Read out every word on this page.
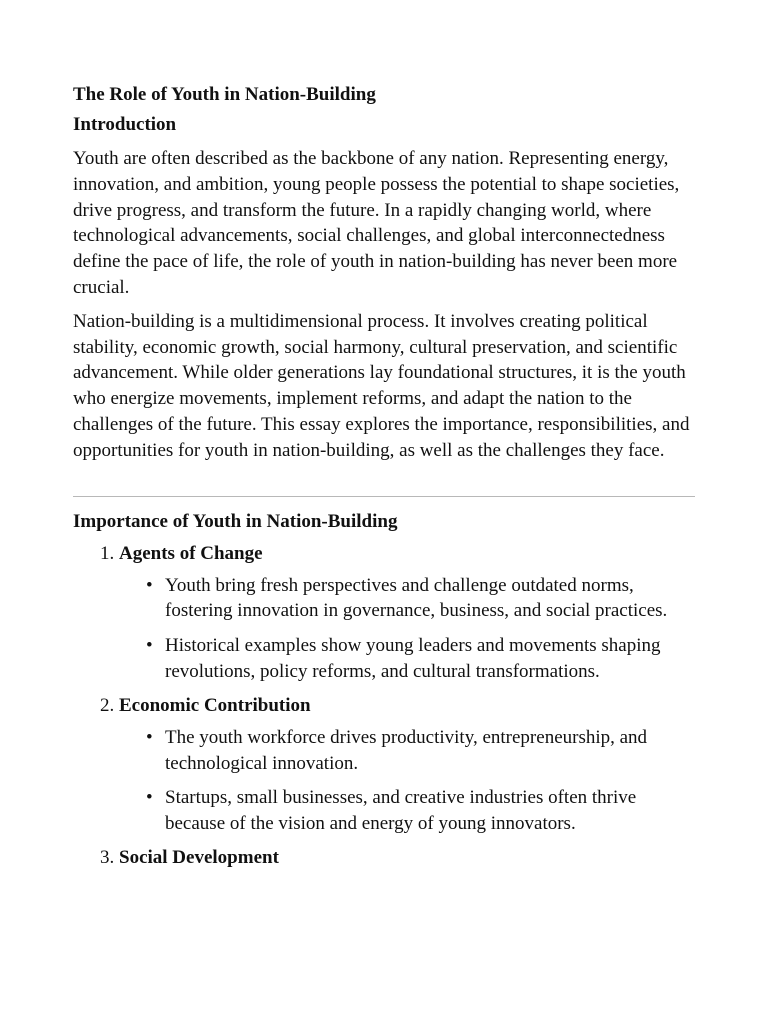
The Role of Youth in Nation-Building
Introduction

Youth are often described as the backbone of any nation. Representing energy, innovation, and ambition, young people possess the potential to shape societies, drive progress, and transform the future. In a rapidly changing world, where technological advancements, social challenges, and global interconnectedness define the pace of life, the role of youth in nation-building has never been more crucial.

Nation-building is a multidimensional process. It involves creating political stability, economic growth, social harmony, cultural preservation, and scientific advancement. While older generations lay foundational structures, it is the youth who energize movements, implement reforms, and adapt the nation to the challenges of the future. This essay explores the importance, responsibilities, and opportunities for youth in nation-building, as well as the challenges they face.

Importance of Youth in Nation-Building
1. Agents of Change
• Youth bring fresh perspectives and challenge outdated norms, fostering innovation in governance, business, and social practices.
• Historical examples show young leaders and movements shaping revolutions, policy reforms, and cultural transformations.
2. Economic Contribution
• The youth workforce drives productivity, entrepreneurship, and technological innovation.
• Startups, small businesses, and creative industries often thrive because of the vision and energy of young innovators.
3. Social Development
